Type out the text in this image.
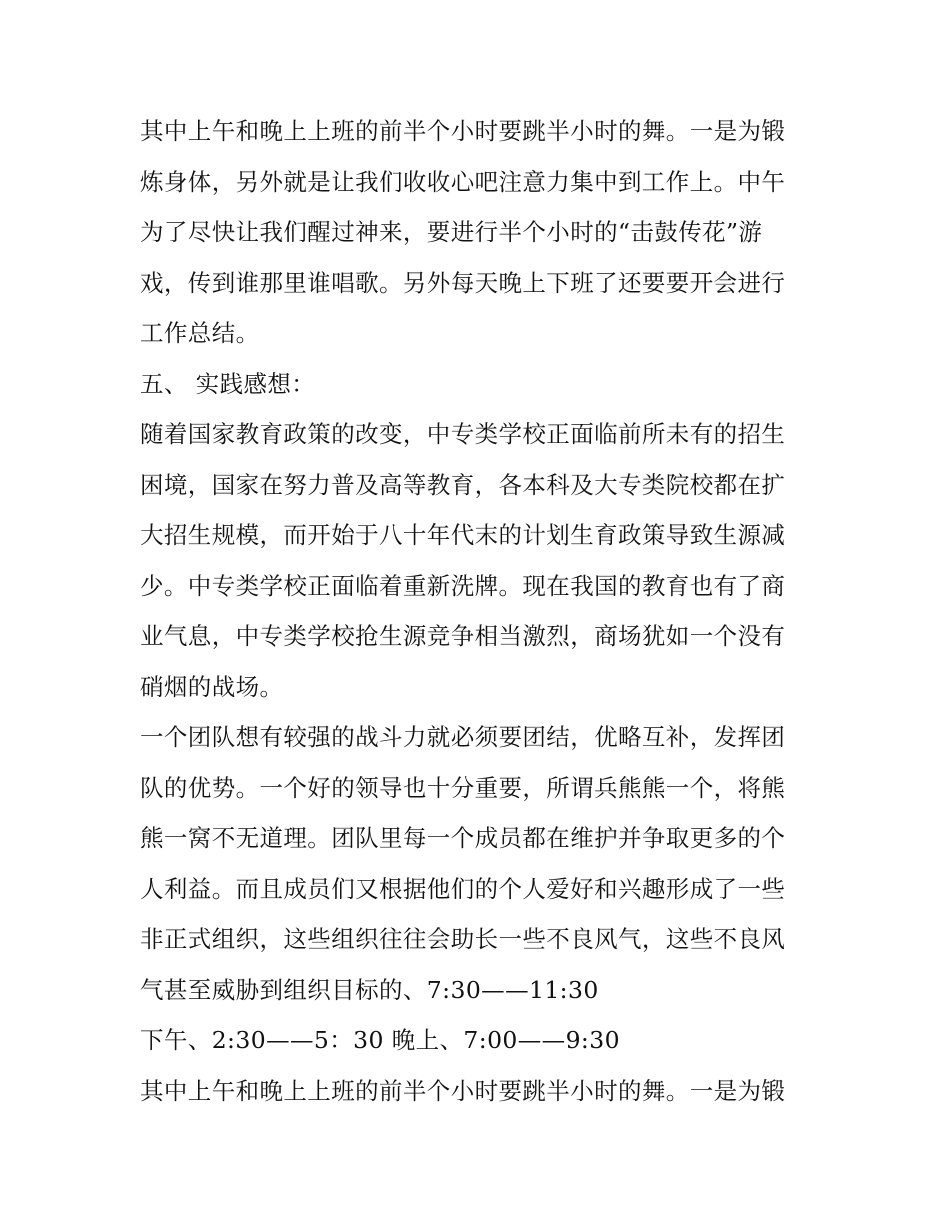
其中上午和晚上上班的前半个小时要跳半小时的舞。一是为锻
炼身体，另外就是让我们收收心吧注意力集中到工作上。中午
为了尽快让我们醒过神来，要进行半个小时的“击鼓传花”游
戏，传到谁那里谁唱歌。另外每天晚上下班了还要要开会进行
工作总结。
五、 实践感想：
随着国家教育政策的改变，中专类学校正面临前所未有的招生
困境，国家在努力普及高等教育，各本科及大专类院校都在扩
大招生规模，而开始于八十年代末的计划生育政策导致生源减
少。中专类学校正面临着重新洗牌。现在我国的教育也有了商
业气息，中专类学校抢生源竞争相当激烈，商场犹如一个没有
硝烟的战场。
一个团队想有较强的战斗力就必须要团结，优略互补，发挥团
队的优势。一个好的领导也十分重要，所谓兵熊熊一个，将熊
熊一窝不无道理。团队里每一个成员都在维护并争取更多的个
人利益。而且成员们又根据他们的个人爱好和兴趣形成了一些
非正式组织，这些组织往往会助长一些不良风气，这些不良风
气甚至威胁到组织目标的、7:30——11:30
下午、2:30——5：30 晚上、7:00——9:30
其中上午和晚上上班的前半个小时要跳半小时的舞。一是为锻
